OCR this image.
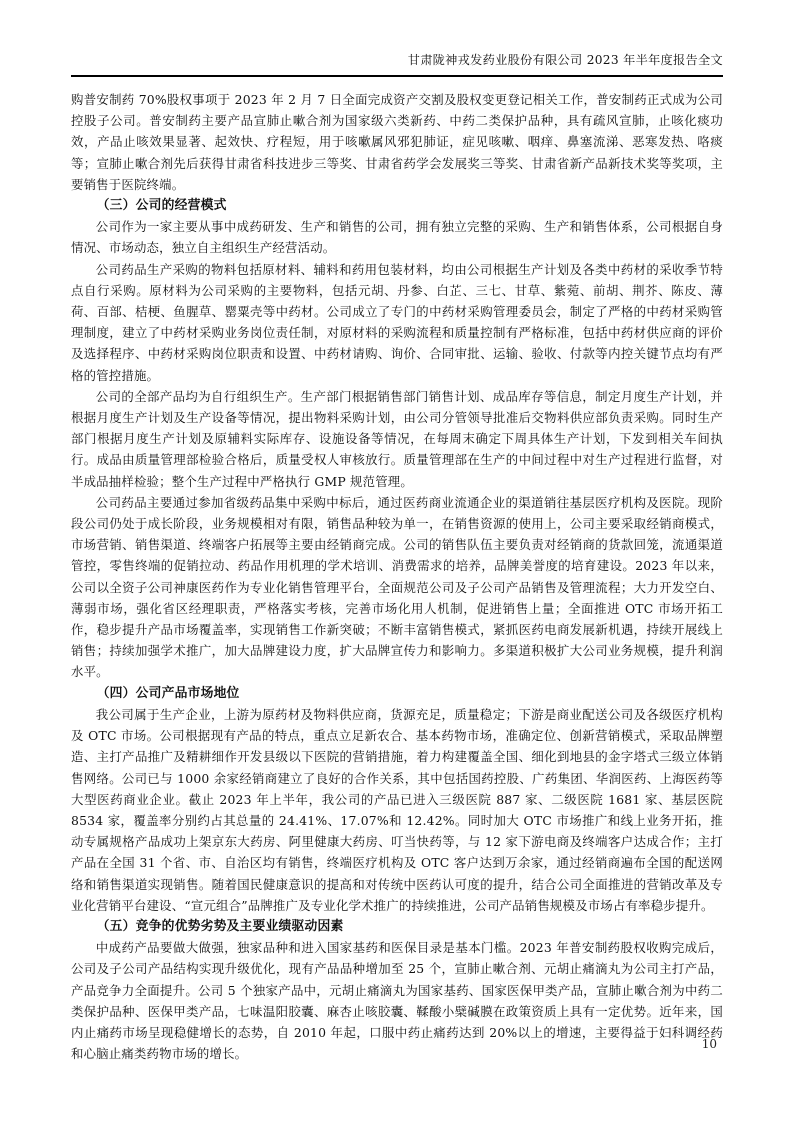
甘肃陇神戎发药业股份有限公司 2023 年半年度报告全文

购普安制药 70%股权事项于 2023 年 2 月 7 日全面完成资产交割及股权变更登记相关工作，普安制药正式成为公司控股子公司。普安制药主要产品宣肺止嗽合剂为国家级六类新药、中药二类保护品种，具有疏风宣肺，止咳化痰功效，产品止咳效果显著、起效快、疗程短，用于咳嗽属风邪犯肺证，症见咳嗽、咽痒、鼻塞流涕、恶寒发热、咯痰等；宣肺止嗽合剂先后获得甘肃省科技进步三等奖、甘肃省药学会发展奖三等奖、甘肃省新产品新技术奖等奖项，主要销售于医院终端。

（三）公司的经营模式

公司作为一家主要从事中成药研发、生产和销售的公司，拥有独立完整的采购、生产和销售体系，公司根据自身情况、市场动态，独立自主组织生产经营活动。

公司药品生产采购的物料包括原材料、辅料和药用包装材料，均由公司根据生产计划及各类中药材的采收季节特点自行采购。原材料为公司采购的主要物料，包括元胡、丹参、白芷、三七、甘草、紫菀、前胡、荆芥、陈皮、薄荷、百部、桔梗、鱼腥草、罂粟壳等中药材。公司成立了专门的中药材采购管理委员会，制定了严格的中药材采购管理制度，建立了中药材采购业务岗位责任制，对原材料的采购流程和质量控制有严格标准，包括中药材供应商的评价及选择程序、中药材采购岗位职责和设置、中药材请购、询价、合同审批、运输、验收、付款等内控关键节点均有严格的管控措施。

公司的全部产品均为自行组织生产。生产部门根据销售部门销售计划、成品库存等信息，制定月度生产计划，并根据月度生产计划及生产设备等情况，提出物料采购计划，由公司分管领导批准后交物料供应部负责采购。同时生产部门根据月度生产计划及原辅料实际库存、设施设备等情况，在每周末确定下周具体生产计划，下发到相关车间执行。成品由质量管理部检验合格后，质量受权人审核放行。质量管理部在生产的中间过程中对生产过程进行监督，对半成品抽样检验；整个生产过程中严格执行 GMP 规范管理。

公司药品主要通过参加省级药品集中采购中标后，通过医药商业流通企业的渠道销往基层医疗机构及医院。现阶段公司仍处于成长阶段，业务规模相对有限，销售品种较为单一，在销售资源的使用上，公司主要采取经销商模式，市场营销、销售渠道、终端客户拓展等主要由经销商完成。公司的销售队伍主要负责对经销商的货款回笼，流通渠道管控，零售终端的促销拉动、药品作用机理的学术培训、消费需求的培养，品牌美誉度的培育建设。2023 年以来，公司以全资子公司神康医药作为专业化销售管理平台，全面规范公司及子公司产品销售及管理流程；大力开发空白、薄弱市场，强化省区经理职责，严格落实考核，完善市场化用人机制，促进销售上量；全面推进 OTC 市场开拓工作，稳步提升产品市场覆盖率，实现销售工作新突破；不断丰富销售模式，紧抓医药电商发展新机遇，持续开展线上销售；持续加强学术推广，加大品牌建设力度，扩大品牌宣传力和影响力。多渠道积极扩大公司业务规模，提升利润水平。

（四）公司产品市场地位

我公司属于生产企业，上游为原药材及物料供应商，货源充足，质量稳定；下游是商业配送公司及各级医疗机构及 OTC 市场。公司根据现有产品的特点，重点立足新农合、基本药物市场，准确定位、创新营销模式，采取品牌塑造、主打产品推广及精耕细作开发县级以下医院的营销措施，着力构建覆盖全国、细化到地县的金字塔式三级立体销售网络。公司已与 1000 余家经销商建立了良好的合作关系，其中包括国药控股、广药集团、华润医药、上海医药等大型医药商业企业。截止 2023 年上半年，我公司的产品已进入三级医院 887 家、二级医院 1681 家、基层医院 8534 家，覆盖率分别约占其总量的 24.41%、17.07%和 12.42%。同时加大 OTC 市场推广和线上业务开拓，推动专属规格产品成功上架京东大药房、阿里健康大药房、叮当快药等，与 12 家下游电商及终端客户达成合作；主打产品在全国 31 个省、市、自治区均有销售，终端医疗机构及 OTC 客户达到万余家，通过经销商遍布全国的配送网络和销售渠道实现销售。随着国民健康意识的提高和对传统中医药认可度的提升，结合公司全面推进的营销改革及专业化营销平台建设、“宣元组合”品牌推广及专业化学术推广的持续推进，公司产品销售规模及市场占有率稳步提升。

（五）竞争的优势劣势及主要业绩驱动因素

中成药产品要做大做强，独家品种和进入国家基药和医保目录是基本门槛。2023 年普安制药股权收购完成后，公司及子公司产品结构实现升级优化，现有产品品种增加至 25 个，宣肺止嗽合剂、元胡止痛滴丸为公司主打产品，产品竞争力全面提升。公司 5 个独家产品中，元胡止痛滴丸为国家基药、国家医保甲类产品，宣肺止嗽合剂为中药二类保护品种、医保甲类产品，七味温阳胶囊、麻杏止咳胶囊、鞣酸小檗碱膜在政策资质上具有一定优势。近年来，国内止痛药市场呈现稳健增长的态势，自 2010 年起，口服中药止痛药达到 20%以上的增速，主要得益于妇科调经药和心脑止痛类药物市场的增长。

10
